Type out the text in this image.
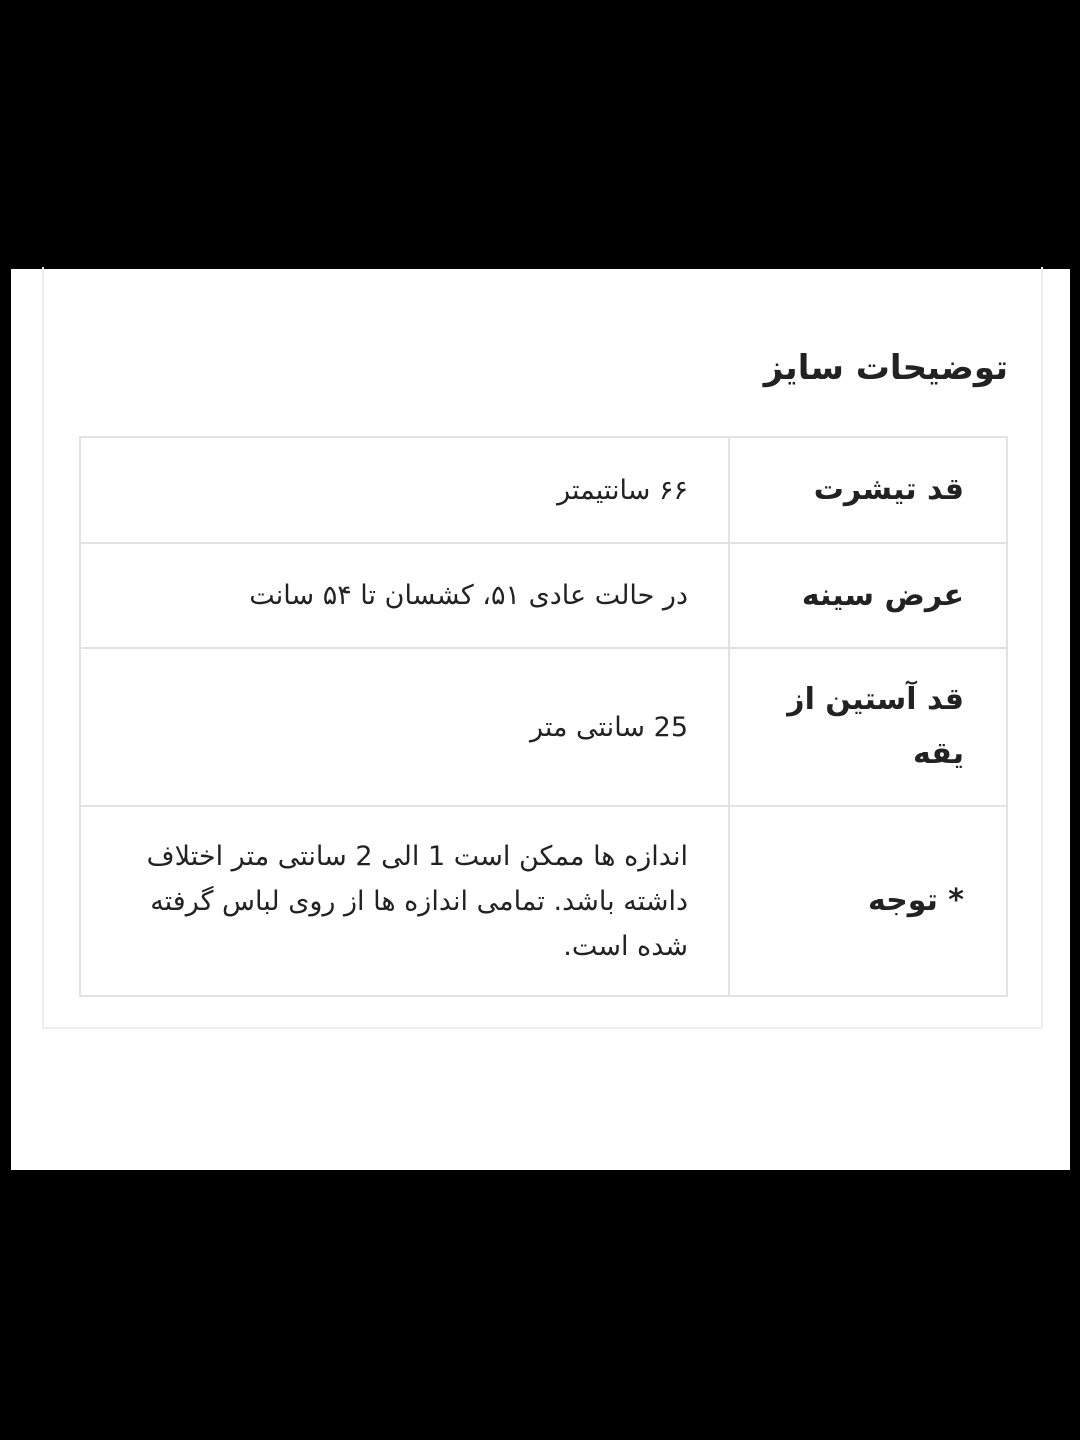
توضیحات سایز
قد تیشرت	۶۶ سانتیمتر
عرض سینه	در حالت عادی ۵۱، کشسان تا ۵۴ سانت
قد آستین از یقه	25 سانتی متر
* توجه	اندازه ها ممکن است 1 الی 2 سانتی متر اختلاف داشته باشد. تمامی اندازه ها از روی لباس گرفته شده است.
